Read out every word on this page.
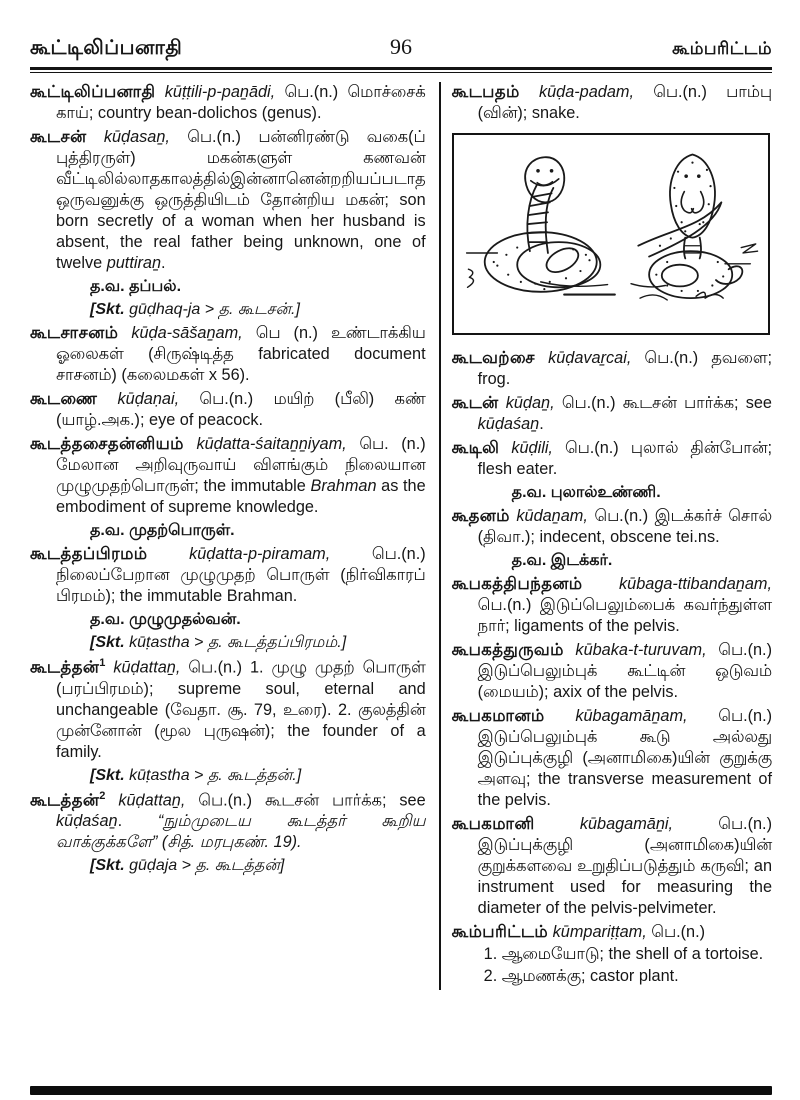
கூட்டிலிப்பனாதி	96	கூம்பரிட்டம்
கூட்டிலிப்பனாதி kūṭṭili-p-paṉādi, பெ.(n.) மொச்சைக் காய்; country bean-dolichos (genus).
கூடசன் kūḍasaṉ, பெ.(n.) பன்னிரண்டு வகை(ப் புத்திரருள்) மகன்களுள் கணவன் வீட்டிலில்லாதகாலத்தில்இன்னானென்றறியப்படாத ஒருவனுக்கு ஒருத்தியிடம் தோன்றிய மகன்; son born secretly of a woman when her husband is absent, the real father being unknown, one of twelve puttiraṉ.
த.வ. தப்பல்.
[Skt. gūḍhaq-ja > த. கூடசன்.]
கூடசாசனம் kūḍa-sāšaṉam, பெ (n.) உண்டாக்கிய ஓலைகள் (சிருஷ்டித்த fabricated document சாசனம்) (கலைமகள் x 56).
கூடணை kūḍaṇai, பெ.(n.) மயிற் (பீலி) கண் (யாழ்.அக.); eye of peacock.
கூடத்தசைதன்னியம் kūḍatta-śaitaṉṉiyam, பெ. (n.) மேலான அறிவுருவாய் விளங்கும் நிலையான முழுமுதற்பொருள்; the immutable Brahman as the embodiment of supreme knowledge.
த.வ. முதற்பொருள்.
கூடத்தப்பிரமம்	kūḍatta-p-piramam,	பெ.(n.) நிலைப்பேறான முழுமுதற் பொருள் (நிர்விகாரப் பிரமம்); the immutable Brahman.
த.வ. முழுமுதல்வன்.
[Skt. kūṭastha > த. கூடத்தப்பிரமம்.]
கூடத்தன்$^1$ kūḍattaṉ, பெ.(n.) 1. முழு முதற் பொருள் (பரப்பிரமம்); supreme soul, eternal and unchangeable (வேதா. சூ. 79, உரை). 2. குலத்தின் முன்னோன் (மூல புருஷன்); the founder of a family.
[Skt. kūṭastha > த. கூடத்தன்.]
கூடத்தன்$^2$ kūḍattaṉ, பெ.(n.) கூடசன் பார்க்க; see kūḍaśaṉ. “நும்முடைய கூடத்தர் கூறிய வாக்குக்களே” (சித். மரபுகண். 19).
[Skt. gūḍaja > த. கூடத்தன்]
கூடபதம் kūḍa-padam, பெ.(n.) பாம்பு (வின்); snake.
கூடவற்சை kūḍavaṟcai, பெ.(n.) தவளை; frog.
கூடன் kūḍaṉ, பெ.(n.) கூடசன் பார்க்க; see kūḍaśaṉ.
கூடிலி kūḍili, பெ.(n.) புலால் தின்போன்; flesh eater.
த.வ. புலால்உண்ணி.
கூதனம் kūdaṉam, பெ.(n.) இடக்கர்ச் சொல் (திவா.); indecent, obscene tei.ns.
த.வ. இடக்கர்.
கூபகத்திபந்தனம் kūbaga-ttibandaṉam, பெ.(n.) இடுப்பெலும்பைக் கவர்ந்துள்ள நார்; ligaments of the pelvis.
கூபகத்துருவம் kūbaka-t-turuvam, பெ.(n.) இடுப்பெலும்புக் கூட்டின் ஒடுவம் (மையம்); axix of the pelvis.
கூபகமானம் kūbagamāṉam, பெ.(n.) இடுப்பெலும்புக் கூடு அல்லது இடுப்புக்குழி (அனாமிகை)யின் குறுக்கு அளவு; the transverse measurement of the pelvis.
கூபகமானி	kūbagamāṉi,	பெ.(n.) இடுப்புக்குழி (அனாமிகை)யின் குறுக்களவை உறுதிப்படுத்தும் கருவி; an instrument used for measuring the diameter of the pelvis-pelvimeter.
கூம்பரிட்டம் kūmpariṭṭam, பெ.(n.)
1. ஆமையோடு; the shell of a tortoise.
2. ஆமணக்கு; castor plant.
